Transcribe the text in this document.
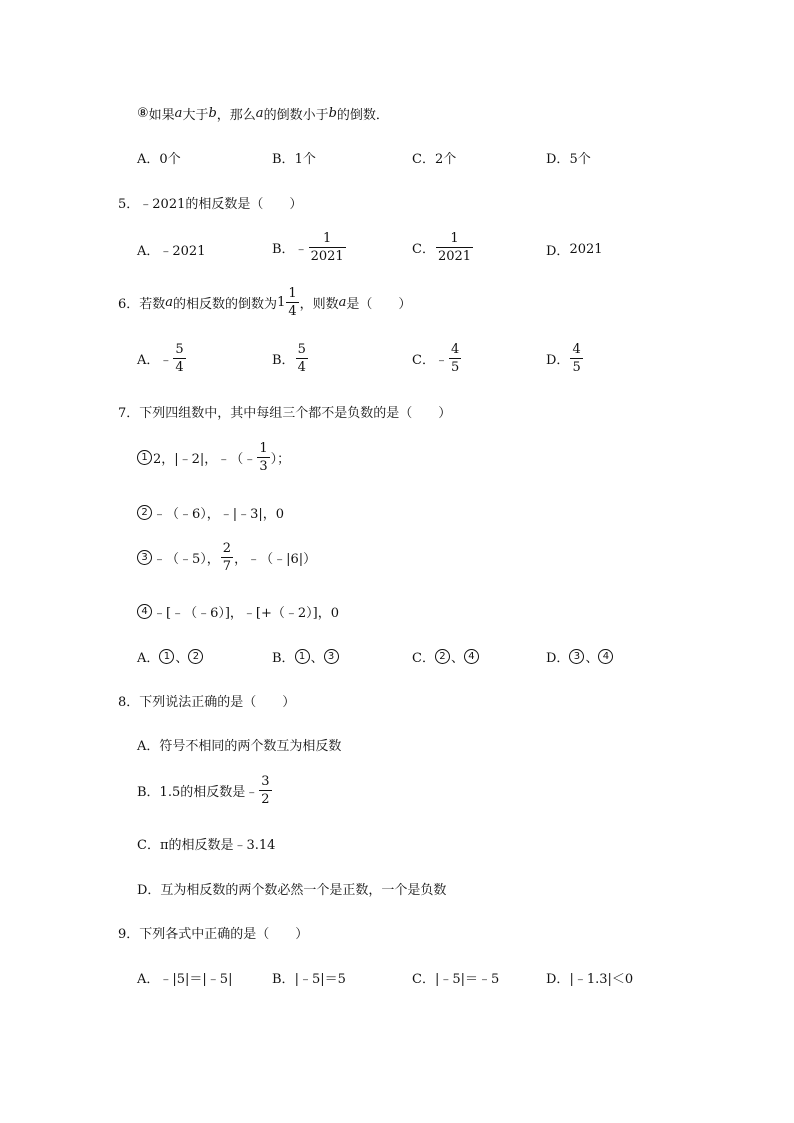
⑧ 如果 a 大于 b ，那么 a 的倒数小于 b 的倒数．
A． 0个	B． 1个	C． 2个	D． 5个
5．﹣2021的相反数是（　　）
A． ﹣2021	B． ﹣ $\frac{1}{2021}$	C． $\frac{1}{2021}$	D． 2021
6．若数 a 的相反数的倒数为 $1 \frac{1}{4}$ ，则数 a 是（　　）
A． ﹣ $\frac{5}{4}$	B． $\frac{5}{4}$	C． ﹣ $\frac{4}{5}$	D． $\frac{4}{5}$
7．下列四组数中，其中每组三个都不是负数的是（　　）
1 2，|﹣2|，﹣（﹣ $\frac{1}{3}$ ）；
2 ﹣（﹣6），﹣|﹣3|，0
3 ﹣（﹣5）， $\frac{2}{7}$ ，﹣（﹣|6|）
4 ﹣[﹣（﹣6）]，﹣[+（﹣2）]，0
A． 1 、 2	B． 1 、 3	C． 2 、 4	D． 3 、 4
8．下列说法正确的是（　　）
A．符号不相同的两个数互为相反数
B．1.5的相反数是﹣ $\frac{3}{2}$
C．π的相反数是﹣3.14
D．互为相反数的两个数必然一个是正数，一个是负数
9．下列各式中正确的是（　　）
A． ﹣|5|＝|﹣5|	B． |﹣5|＝5	C． |﹣5|＝﹣5	D． |﹣1.3|＜0
